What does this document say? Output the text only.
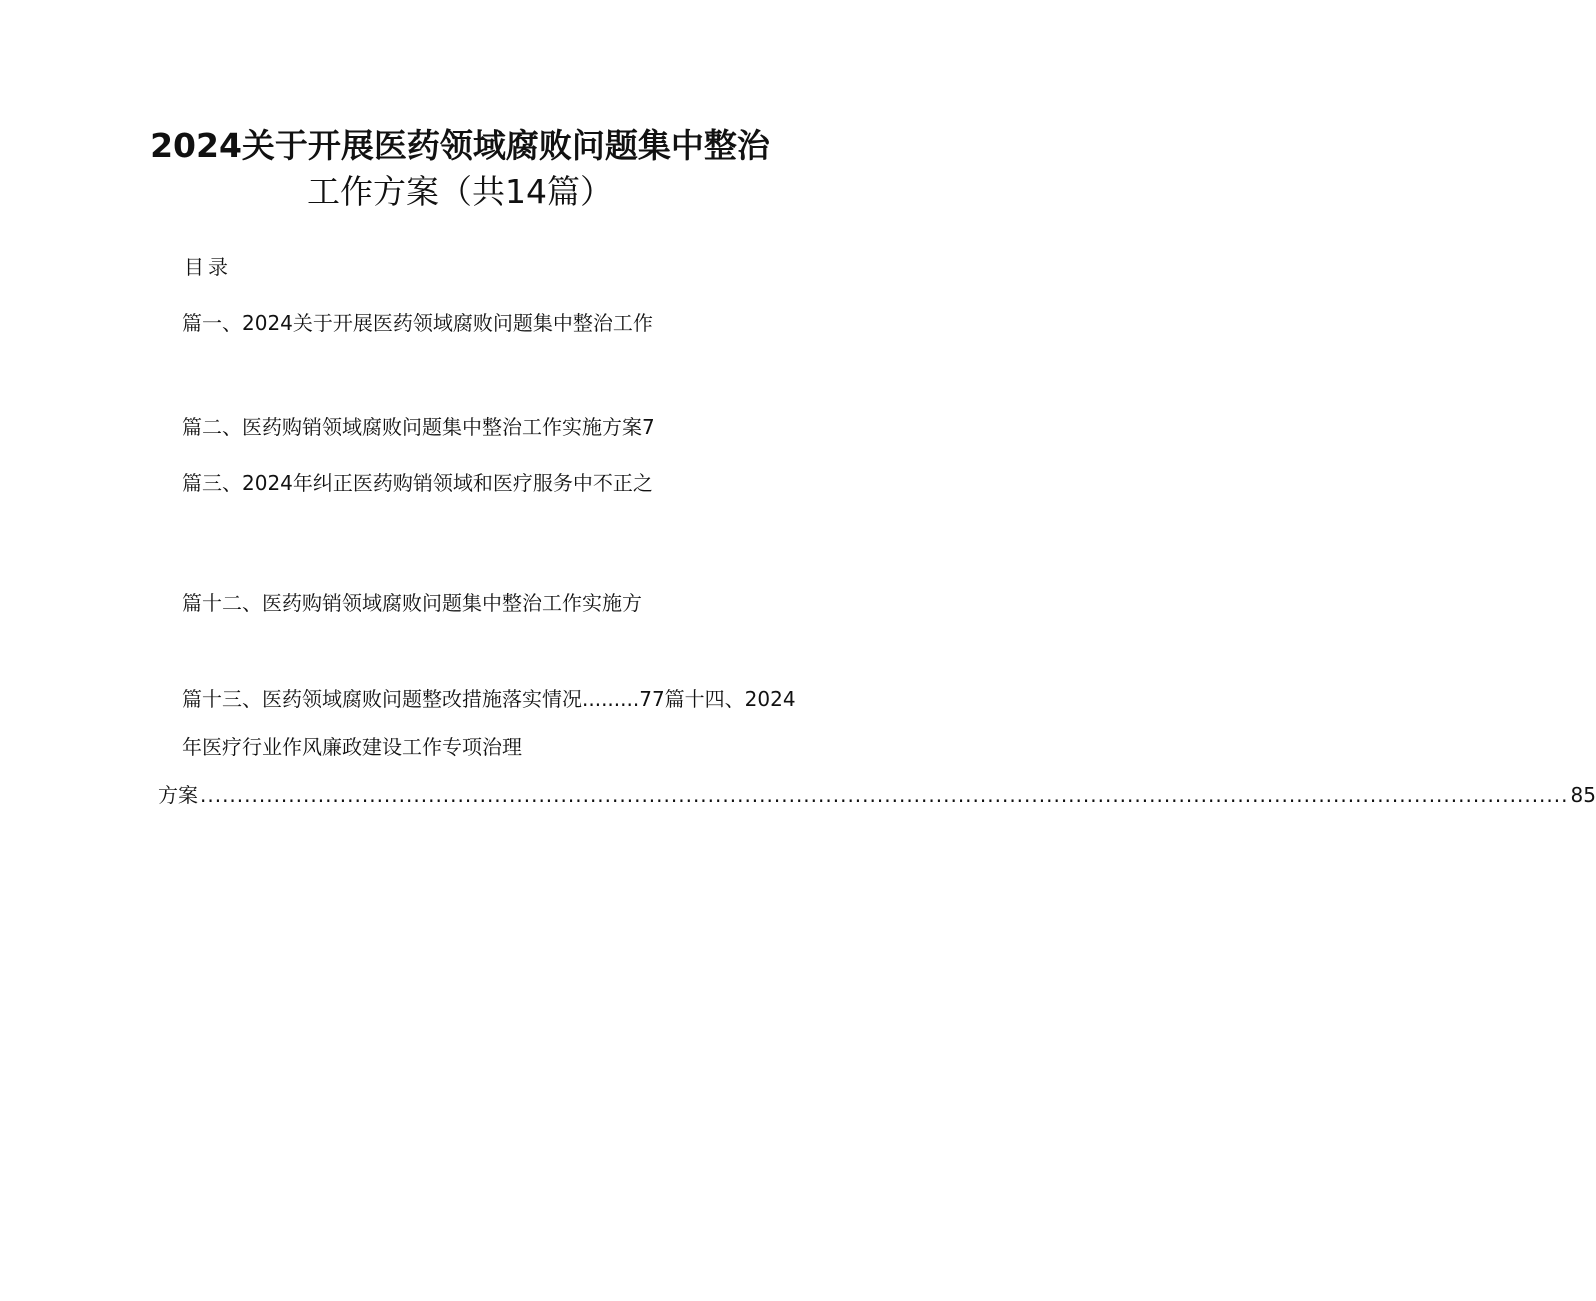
2024关于开展医药领域腐败问题集中整治
工作方案（共14篇）
目录
篇一、2024关于开展医药领域腐败问题集中整治工作
篇二、医药购销领域腐败问题集中整治工作实施方案7
篇三、2024年纠正医药购销领域和医疗服务中不正之
篇十二、医药购销领域腐败问题集中整治工作实施方
篇十三、医药领域腐败问题整改措施落实情况.........77篇十四、2024
年医疗行业作风廉政建设工作专项治理
方案 .......................................................................................................................................................................................... 85
